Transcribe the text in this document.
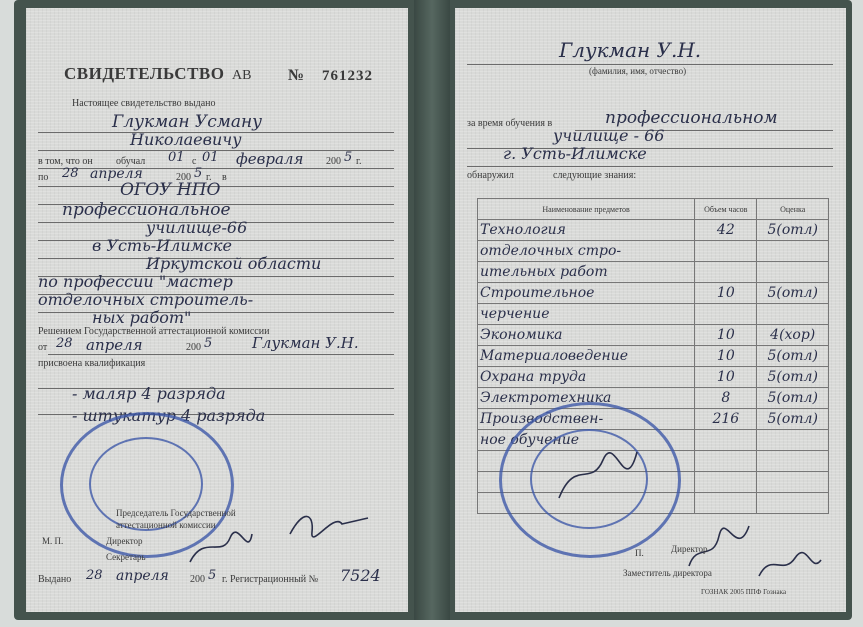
СВИДЕТЕЛЬСТВО АВ № 761232
Настоящее свидетельство выдано
Глукман Усману
Николаевичу
в том, что он обучал	с
01 01 февраля 200 5 г.
по 28 апреля	200 5 г. в
ОГОУ НПО
профессиональное
училище-66
в Усть-Илимске
Иркутской области
по профессии "мастер
отделочных строитель-
ных работ"
Решением Государственной аттестационной комиссии
от 28 апреля	200 5	Глукман У.Н.
присвоена квалификация
- маляр 4 разряда
- штукатур 4 разряда
Председатель Государственной
аттестационной комиссии
М. П.	Директор
Секретарь
Выдано 28 апреля 200 5 г. Регистрационный № 7524
Глукман У.Н.
(фамилия, имя, отчество)
за время обучения в	профессиональном
училище - 66
г. Усть-Илимске
обнаружил	следующие знания:
Наименование предметов	Объем часов	Оценка
Технология	42	5(отл)
отделочных стро-		
ительных работ		
Строительное	10	5(отл)
черчение		
Экономика	10	4(хор)
Материаловедение	10	5(отл)
Охрана труда	10	5(отл)
Электротехника	8	5(отл)
Производствен-	216	5(отл)
ное обучение		

П.	Директор
Заместитель директора
ГОЗНАК 2005 ППФ Гознака
